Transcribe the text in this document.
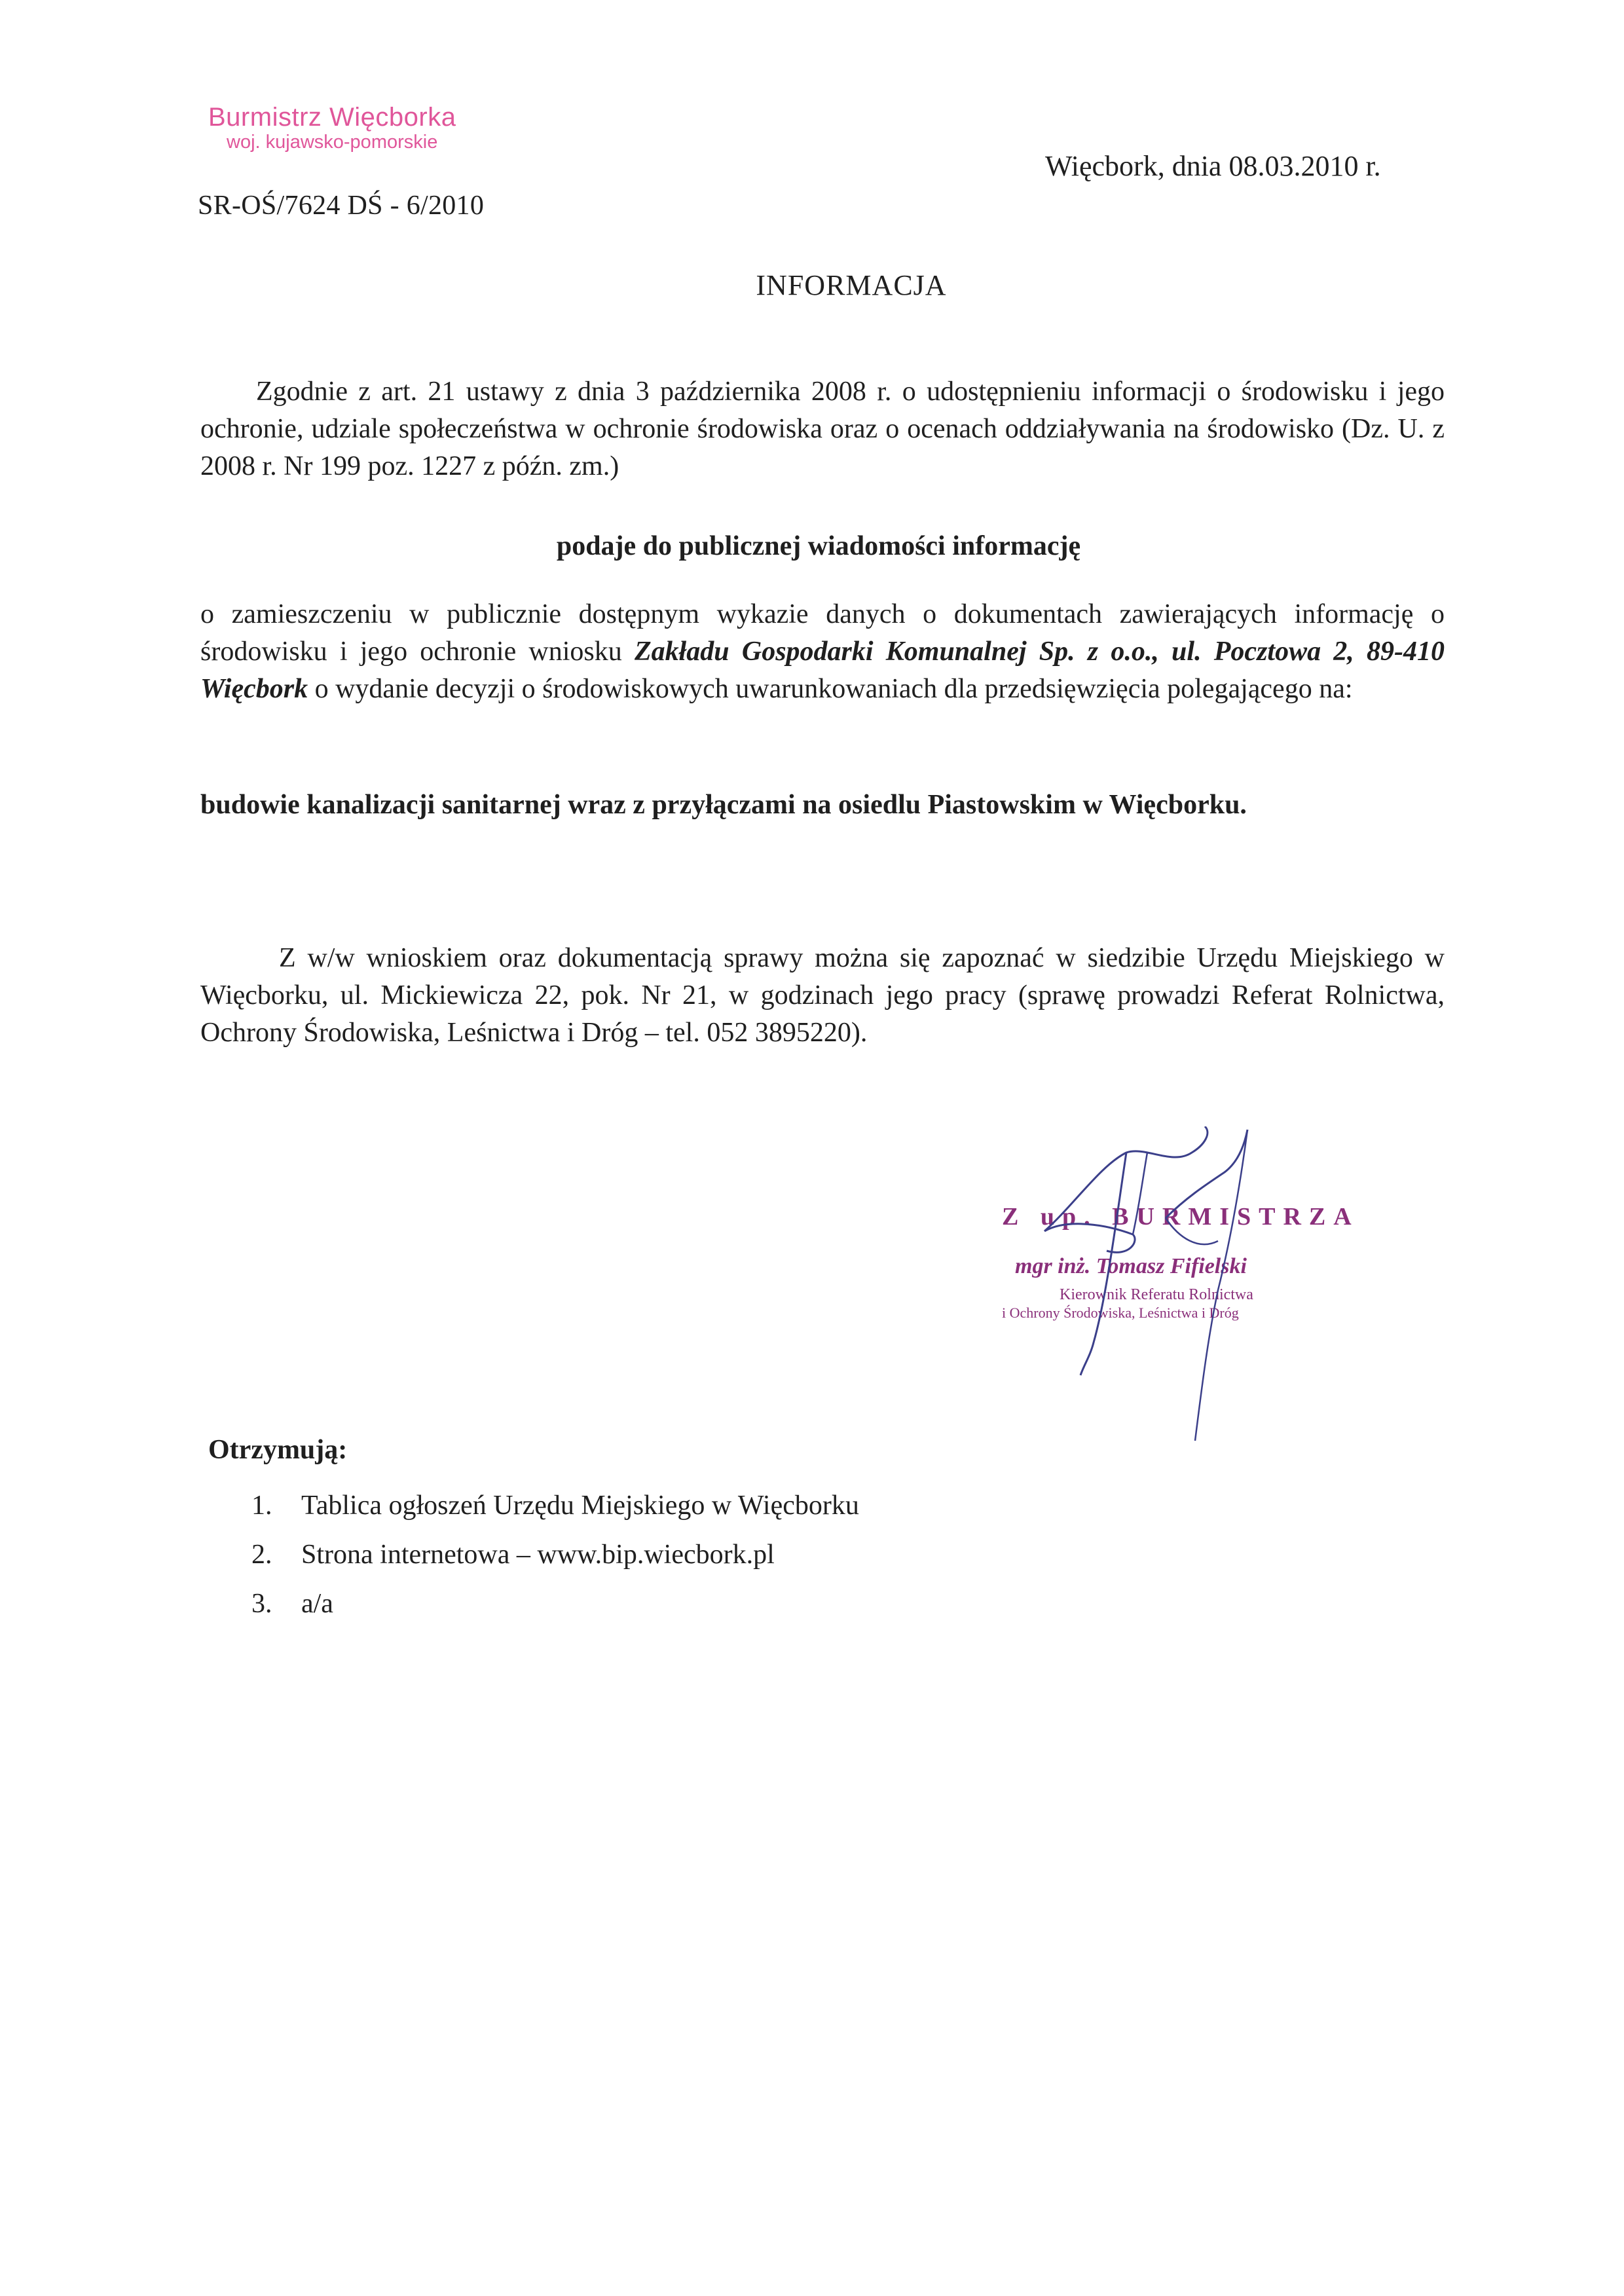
Burmistrz Więcborka
woj. kujawsko-pomorskie
SR-OŚ/7624 DŚ - 6/2010
Więcbork, dnia 08.03.2010 r.
INFORMACJA
Zgodnie z art. 21 ustawy z dnia 3 października 2008 r. o udostępnieniu informacji o środowisku i jego ochronie, udziale społeczeństwa w ochronie środowiska oraz o ocenach oddziaływania na środowisko (Dz. U. z 2008 r. Nr 199 poz. 1227 z późn. zm.)
podaje do publicznej wiadomości informację
o zamieszczeniu w publicznie dostępnym wykazie danych o dokumentach zawierających informację o środowisku i jego ochronie wniosku Zakładu Gospodarki Komunalnej Sp. z o.o., ul. Pocztowa 2, 89-410 Więcbork o wydanie decyzji o środowiskowych uwarunkowaniach dla przedsięwzięcia polegającego na:
budowie kanalizacji sanitarnej wraz z przyłączami na osiedlu Piastowskim w Więcborku.
Z w/w wnioskiem oraz dokumentacją sprawy można się zapoznać w siedzibie Urzędu Miejskiego w Więcborku, ul. Mickiewicza 22, pok. Nr 21, w godzinach jego pracy (sprawę prowadzi Referat Rolnictwa, Ochrony Środowiska, Leśnictwa i Dróg – tel. 052 3895220).
Z up. BURMISTRZA
mgr inż. Tomasz Fifielski
Kierownik Referatu Rolnictwa
i Ochrony Środowiska, Leśnictwa i Dróg
Otrzymują:
1. Tablica ogłoszeń Urzędu Miejskiego w Więcborku
2. Strona internetowa – www.bip.wiecbork.pl
3. a/a
